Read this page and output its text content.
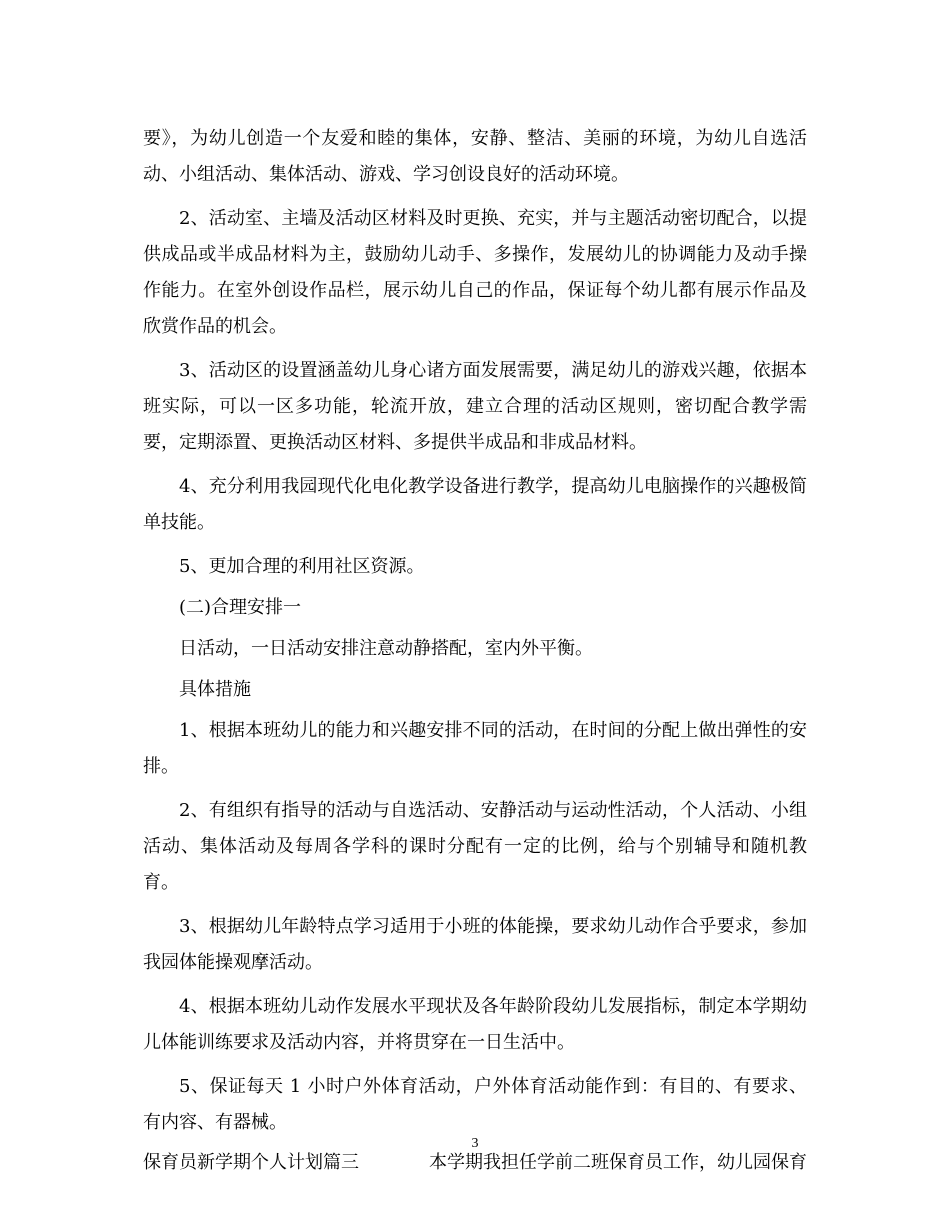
要》，为幼儿创造一个友爱和睦的集体，安静、整洁、美丽的环境，为幼儿自选活动、小组活动、集体活动、游戏、学习创设良好的活动环境。

2、活动室、主墙及活动区材料及时更换、充实，并与主题活动密切配合，以提供成品或半成品材料为主，鼓励幼儿动手、多操作，发展幼儿的协调能力及动手操作能力。在室外创设作品栏，展示幼儿自己的作品，保证每个幼儿都有展示作品及欣赏作品的机会。

3、活动区的设置涵盖幼儿身心诸方面发展需要，满足幼儿的游戏兴趣，依据本班实际，可以一区多功能，轮流开放，建立合理的活动区规则，密切配合教学需要，定期添置、更换活动区材料、多提供半成品和非成品材料。

4、充分利用我园现代化电化教学设备进行教学，提高幼儿电脑操作的兴趣极简单技能。

5、更加合理的利用社区资源。

(二)合理安排一

日活动，一日活动安排注意动静搭配，室内外平衡。

具体措施

1、根据本班幼儿的能力和兴趣安排不同的活动，在时间的分配上做出弹性的安排。

2、有组织有指导的活动与自选活动、安静活动与运动性活动，个人活动、小组活动、集体活动及每周各学科的课时分配有一定的比例，给与个别辅导和随机教育。

3、根据幼儿年龄特点学习适用于小班的体能操，要求幼儿动作合乎要求，参加我园体能操观摩活动。

4、根据本班幼儿动作发展水平现状及各年龄阶段幼儿发展指标，制定本学期幼儿体能训练要求及活动内容，并将贯穿在一日生活中。

5、保证每天 1 小时户外体育活动，户外体育活动能作到：有目的、有要求、有内容、有器械。

保育员新学期个人计划篇三	本学期我担任学前二班保育员工作，幼儿园保育
3
